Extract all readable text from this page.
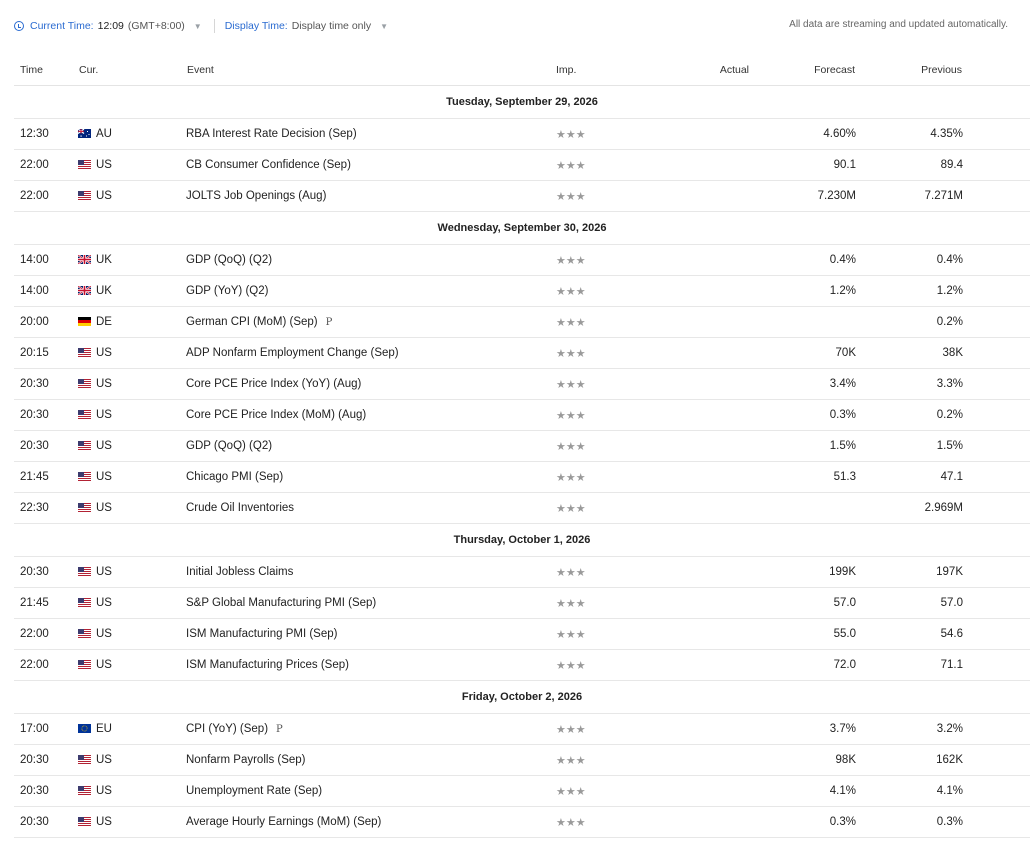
Current Time: 12:09 (GMT+8:00) ▼ Display Time: Display time only ▼	All data are streaming and updated automatically.
Time	Cur.	Event	Imp.	Actual	Forecast	Previous	
Tuesday, September 29, 2026							
12:30	AU	RBA Interest Rate Decision (Sep)	★★★		4.60%	4.35%	
22:00	US	CB Consumer Confidence (Sep)	★★★		90.1	89.4	
22:00	US	JOLTS Job Openings (Aug)	★★★		7.230M	7.271M	
Wednesday, September 30, 2026							
14:00	UK	GDP (QoQ) (Q2)	★★★		0.4%	0.4%	
14:00	UK	GDP (YoY) (Q2)	★★★		1.2%	1.2%	
20:00	DE	German CPI (MoM) (Sep) P	★★★			0.2%	
20:15	US	ADP Nonfarm Employment Change (Sep)	★★★		70K	38K	
20:30	US	Core PCE Price Index (YoY) (Aug)	★★★		3.4%	3.3%	
20:30	US	Core PCE Price Index (MoM) (Aug)	★★★		0.3%	0.2%	
20:30	US	GDP (QoQ) (Q2)	★★★		1.5%	1.5%	
21:45	US	Chicago PMI (Sep)	★★★		51.3	47.1	
22:30	US	Crude Oil Inventories	★★★			2.969M	
Thursday, October 1, 2026							
20:30	US	Initial Jobless Claims	★★★		199K	197K	
21:45	US	S&P Global Manufacturing PMI (Sep)	★★★		57.0	57.0	
22:00	US	ISM Manufacturing PMI (Sep)	★★★		55.0	54.6	
22:00	US	ISM Manufacturing Prices (Sep)	★★★		72.0	71.1	
Friday, October 2, 2026							
17:00	EU	CPI (YoY) (Sep) P	★★★		3.7%	3.2%	
20:30	US	Nonfarm Payrolls (Sep)	★★★		98K	162K	
20:30	US	Unemployment Rate (Sep)	★★★		4.1%	4.1%	
20:30	US	Average Hourly Earnings (MoM) (Sep)	★★★		0.3%	0.3%	
